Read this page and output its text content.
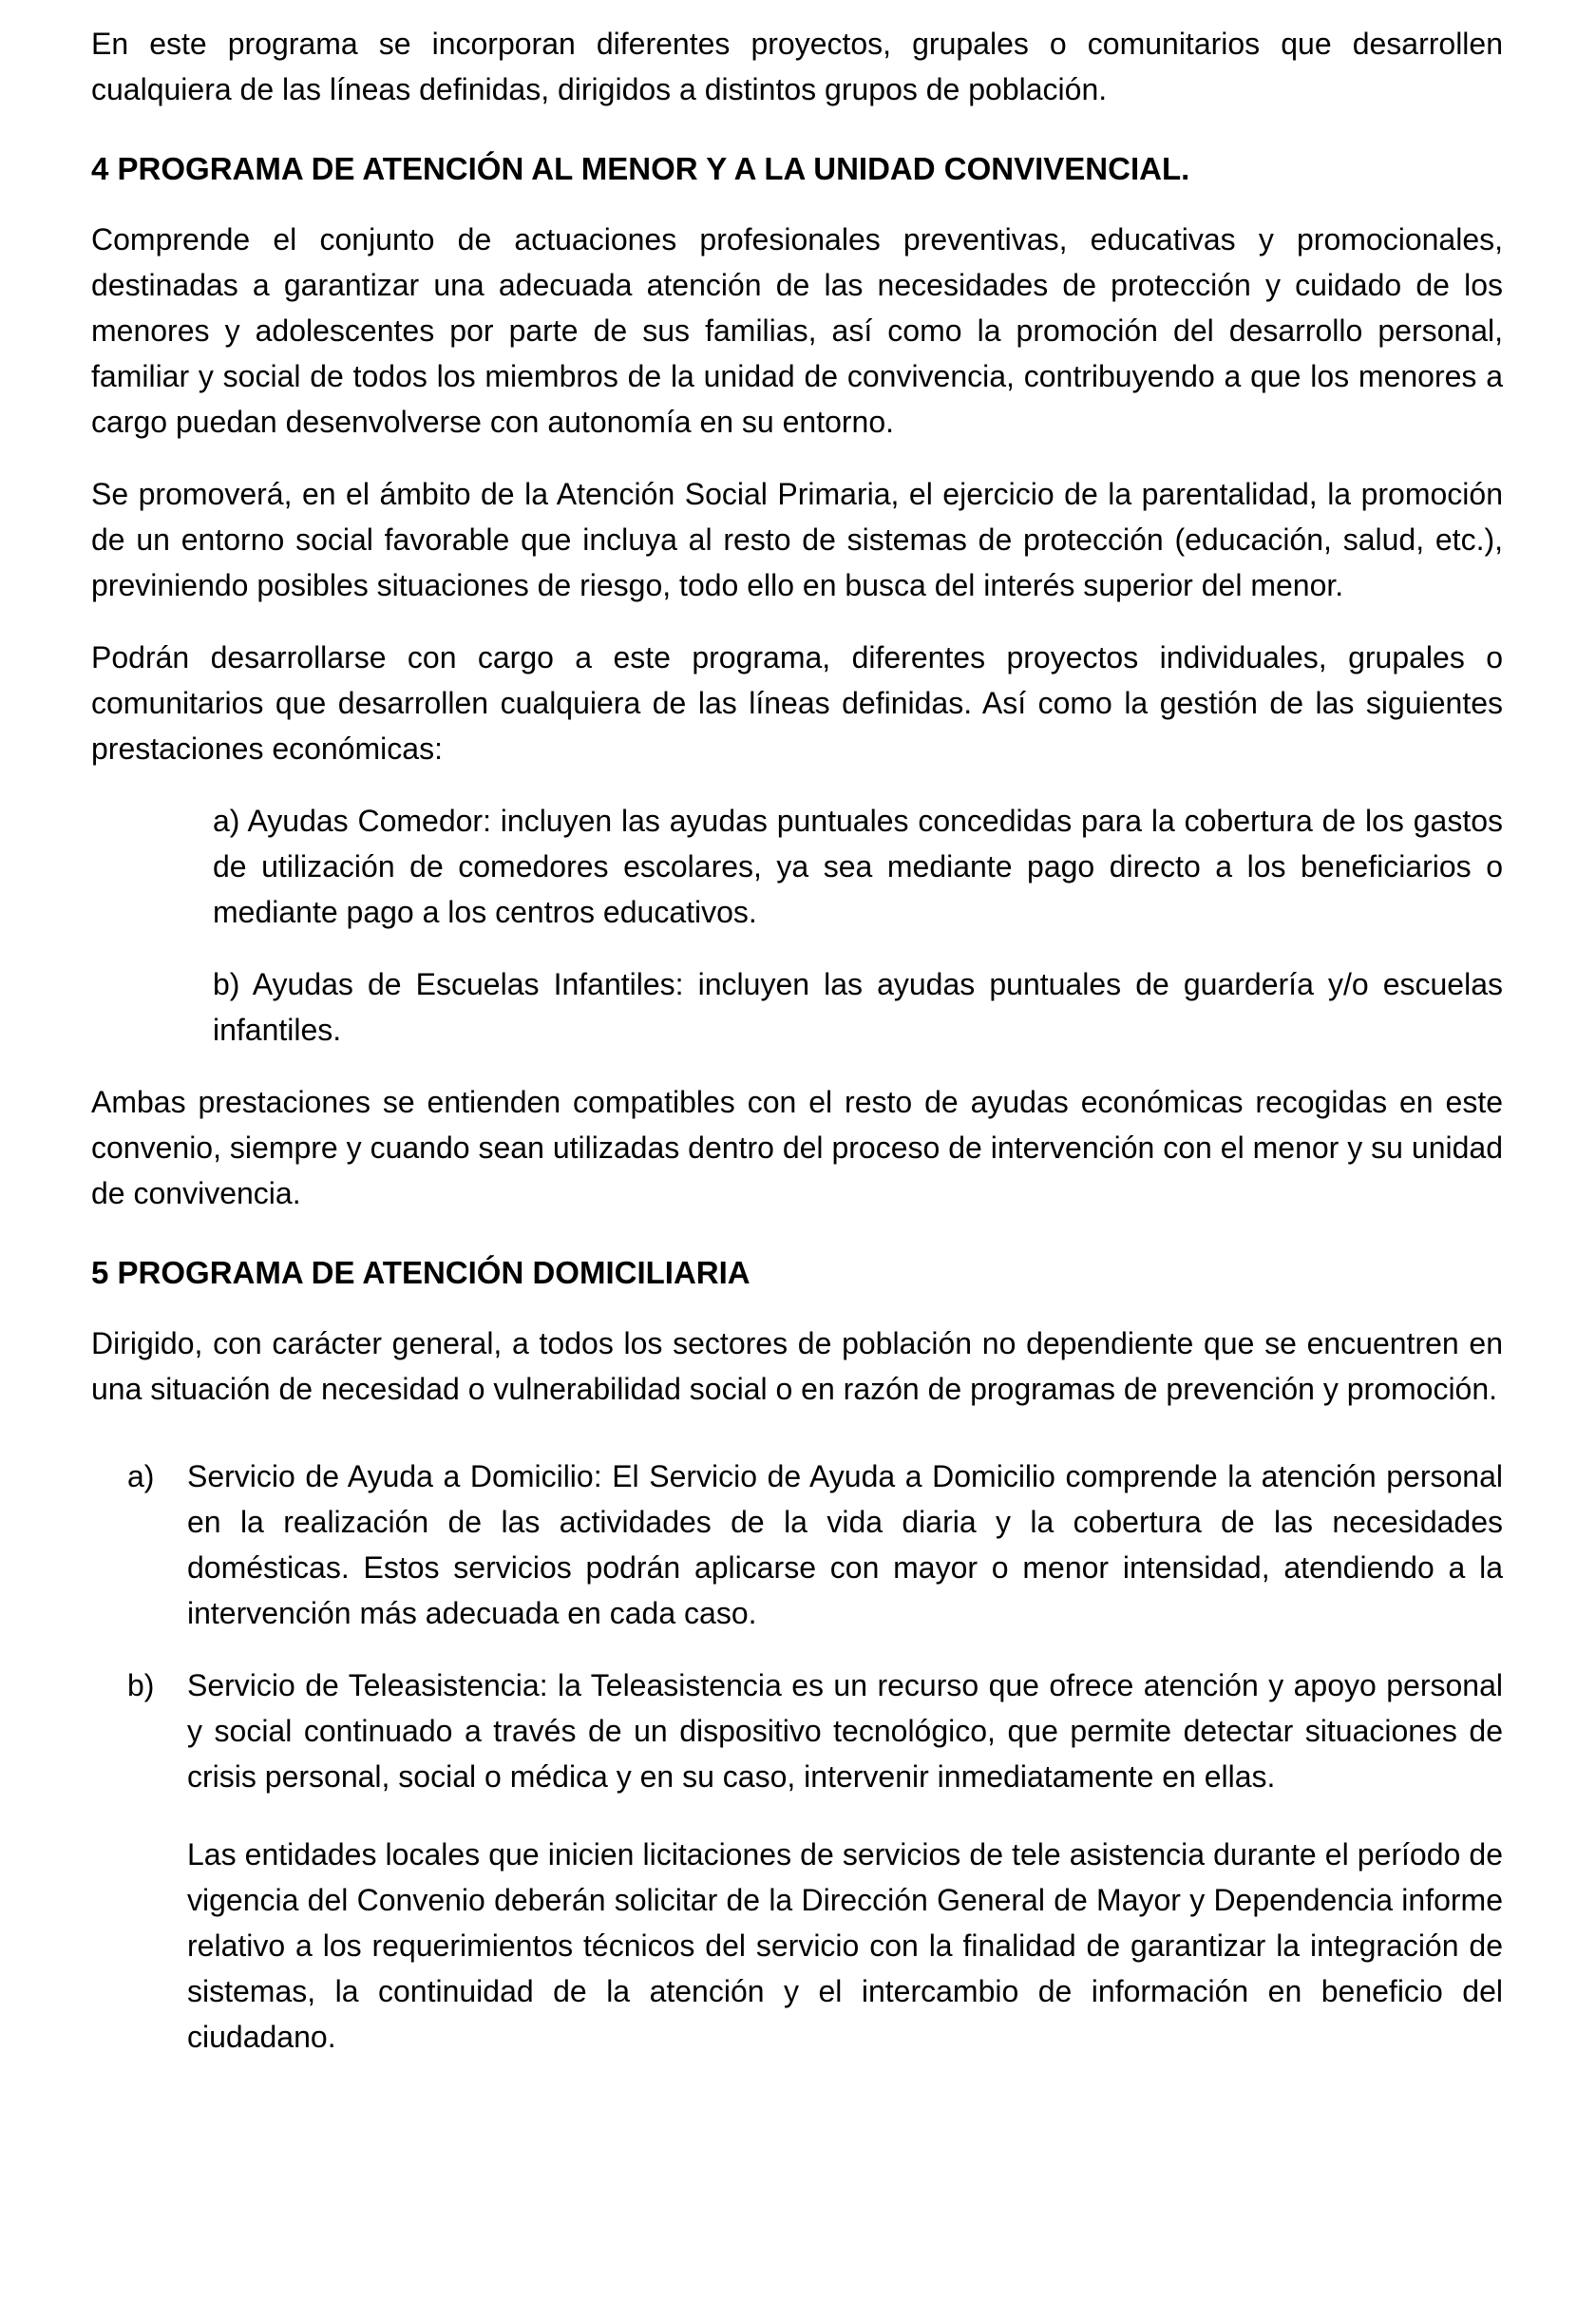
En este programa se incorporan diferentes proyectos, grupales o comunitarios que desarrollen cualquiera de las líneas definidas, dirigidos a distintos grupos de población.

4 PROGRAMA DE ATENCIÓN AL MENOR Y A LA UNIDAD CONVIVENCIAL.

Comprende el conjunto de actuaciones profesionales preventivas, educativas y promocionales, destinadas a garantizar una adecuada atención de las necesidades de protección y cuidado de los menores y adolescentes por parte de sus familias, así como la promoción del desarrollo personal, familiar y social de todos los miembros de la unidad de convivencia, contribuyendo a que los menores a cargo puedan desenvolverse con autonomía en su entorno.

Se promoverá, en el ámbito de la Atención Social Primaria, el ejercicio de la parentalidad, la promoción de un entorno social favorable que incluya al resto de sistemas de protección (educación, salud, etc.), previniendo posibles situaciones de riesgo, todo ello en busca del interés superior del menor.

Podrán desarrollarse con cargo a este programa, diferentes proyectos individuales, grupales o comunitarios que desarrollen cualquiera de las líneas definidas. Así como la gestión de las siguientes prestaciones económicas:

a) Ayudas Comedor: incluyen las ayudas puntuales concedidas para la cobertura de los gastos de utilización de comedores escolares, ya sea mediante pago directo a los beneficiarios o mediante pago a los centros educativos.

b) Ayudas de Escuelas Infantiles: incluyen las ayudas puntuales de guardería y/o escuelas infantiles.

Ambas prestaciones se entienden compatibles con el resto de ayudas económicas recogidas en este convenio, siempre y cuando sean utilizadas dentro del proceso de intervención con el menor y su unidad de convivencia.

5 PROGRAMA DE ATENCIÓN DOMICILIARIA

Dirigido, con carácter general, a todos los sectores de población no dependiente que se encuentren en una situación de necesidad o vulnerabilidad social o en razón de programas de prevención y promoción.

a) Servicio de Ayuda a Domicilio: El Servicio de Ayuda a Domicilio comprende la atención personal en la realización de las actividades de la vida diaria y la cobertura de las necesidades domésticas. Estos servicios podrán aplicarse con mayor o menor intensidad, atendiendo a la intervención más adecuada en cada caso.
b) Servicio de Teleasistencia: la Teleasistencia es un recurso que ofrece atención y apoyo personal y social continuado a través de un dispositivo tecnológico, que permite detectar situaciones de crisis personal, social o médica y en su caso, intervenir inmediatamente en ellas.

Las entidades locales que inicien licitaciones de servicios de tele asistencia durante el período de vigencia del Convenio deberán solicitar de la Dirección General de Mayor y Dependencia informe relativo a los requerimientos técnicos del servicio con la finalidad de garantizar la integración de sistemas, la continuidad de la atención y el intercambio de información en beneficio del ciudadano.
